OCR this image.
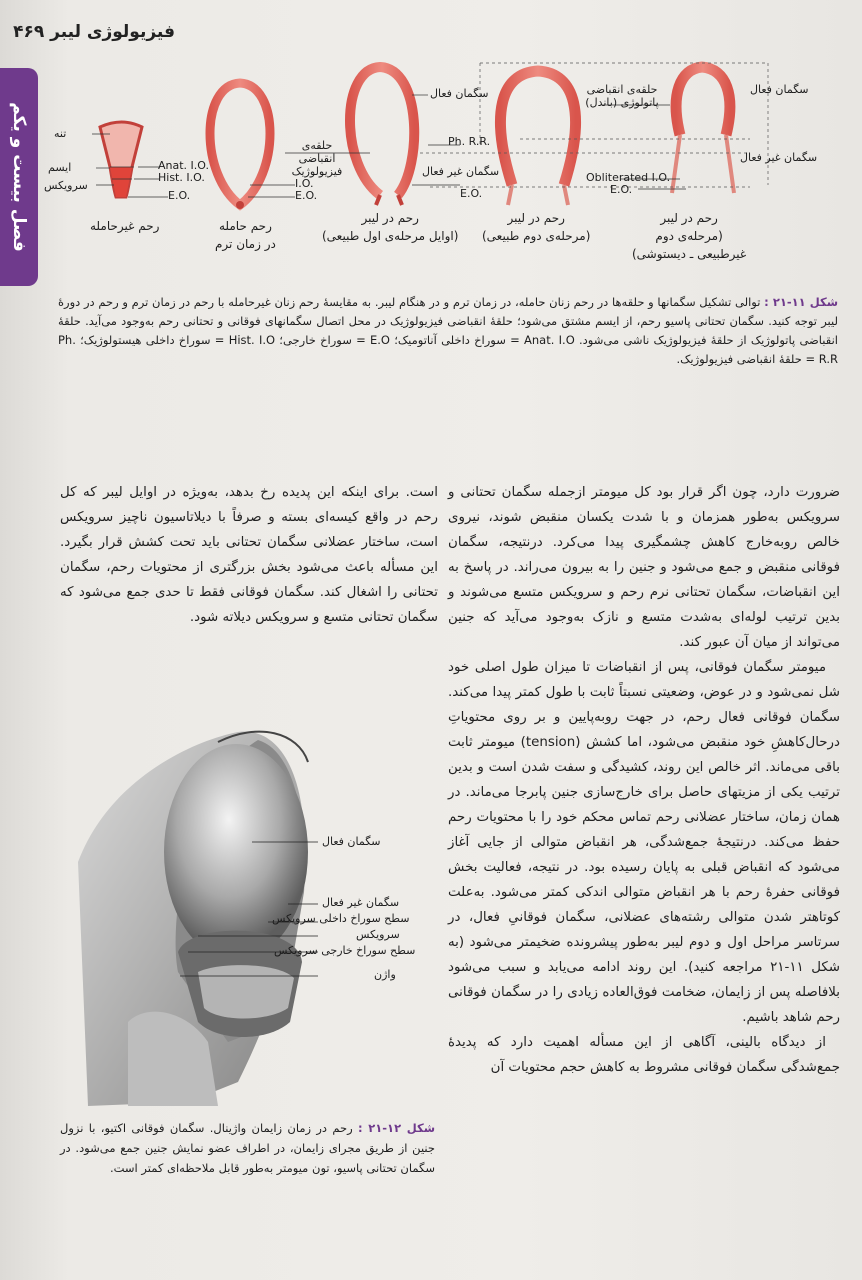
فیزیولوژی لیبر ۴۶۹
فصل بیست و یکم	تنه
ایسم
سرویکس
Anat. I.O.
Hist. I.O.
E.O.
I.O.
E.O.
حلقه‌ی انقباضی فیزیولوژیک
سگمان فعال
Ph. R.R.
سگمان غیر فعال
E.O.
حلقه‌ی انقباضی پاتولوژی (باندل)
Obliterated I.O.
E.O.
سگمان فعال
سگمان غیر فعال
رحم غیرحامله	رحم حامله
در زمان ترم
رحم در لیبر
(اوایل مرحله‌ی اول طبیعی)
رحم در لیبر
(مرحله‌ی دوم طبیعی)
رحم در لیبر
(مرحله‌ی دوم
غیرطبیعی ـ دیستوشی)
شکل ۱۱-۲۱ : توالی تشکیل سگمانها و حلقه‌ها در رحم زنان حامله، در زمان ترم و در هنگام لیبر. به مقایسهٔ رحم زنان غیرحامله با رحم در زمان ترم و رحم در دورهٔ لیبر توجه کنید. سگمان تحتانی پاسیو رحم، از ایسم مشتق می‌شود؛ حلقهٔ انقباضی فیزیولوژیک در محل اتصال سگمانهای فوقانی و تحتانی رحم به‌وجود می‌آید. حلقهٔ انقباضی پاتولوژیک از حلقهٔ فیزیولوژیک ناشی می‌شود. Anat. I.O = سوراخ داخلی آناتومیک؛ E.O = سوراخ خارجی؛ Hist. I.O = سوراخ داخلی هیستولوژیک؛ Ph. R.R = حلقهٔ انقباضی فیزیولوژیک.

ضرورت دارد، چون اگر قرار بود کل میومتر ازجمله سگمان تحتانی و سرویکس به‌طور همزمان و با شدت یکسان منقبض شوند، نیروی خالص روبه‌خارج کاهش چشمگیری پیدا می‌کرد. درنتیجه، سگمان فوقانی منقبض و جمع می‌شود و جنین را به بیرون می‌راند. در پاسخ به این انقباضات، سگمان تحتانی نرم رحم و سرویکس متسع می‌شوند و بدین ترتیب لوله‌ای به‌شدت متسع و نازک به‌وجود می‌آید که جنین می‌تواند از میان آن عبور کند.

میومتر سگمان فوقانی، پس از انقباضات تا میزان طول اصلی خود شل نمی‌شود و در عوض، وضعیتی نسبتاً ثابت با طول کمتر پیدا می‌کند. سگمان فوقانی فعال رحم، در جهت روبه‌پایین و بر روی محتویاتِ درحال‌کاهشِ خود منقبض می‌شود، اما کشش (tension) میومتر ثابت باقی می‌ماند. اثر خالص این روند، کشیدگی و سفت شدن است و بدین ترتیب یکی از مزیتهای حاصل برای خارج‌سازی جنین پابرجا می‌ماند. در همان زمان، ساختار عضلانی رحم تماس محکم خود را با محتویات رحم حفظ می‌کند. درنتیجهٔ جمع‌شدگی، هر انقباض متوالی از جایی آغاز می‌شود که انقباض قبلی به پایان رسیده بود. در نتیجه، فعالیت بخش فوقانی حفرهٔ رحم با هر انقباض متوالی اندکی کمتر می‌شود. به‌علت کوتاهتر شدن متوالی رشته‌های عضلانی، سگمان فوقانیِ فعال، در سرتاسر مراحل اول و دوم لیبر به‌طور پیشرونده ضخیمتر می‌شود (به شکل ۱۱-۲۱ مراجعه کنید). این روند ادامه می‌یابد و سبب می‌شود بلافاصله پس از زایمان، ضخامت فوق‌العاده زیادی را در سگمان فوقانی رحم شاهد باشیم.

از دیدگاه بالینی، آگاهی از این مسأله اهمیت دارد که پدیدهٔ جمع‌شدگی سگمان فوقانی مشروط به کاهش حجم محتویات آن

است. برای اینکه این پدیده رخ بدهد، به‌ویژه در اوایل لیبر که کل رحم در واقع کیسه‌ای بسته و صرفاً با دیلاتاسیون ناچیز سرویکس است، ساختار عضلانی سگمان تحتانی باید تحت کشش قرار بگیرد. این مسأله باعث می‌شود بخش بزرگتری از محتویات رحم، سگمان تحتانی را اشغال کند. سگمان فوقانی فقط تا حدی جمع می‌شود که سگمان تحتانی متسع و سرویکس دیلاته شود.

سگمان فعال
سگمان غیر فعال
سطح سوراخ داخلی سرویکس
سرویکس
سطح سوراخ خارجی سرویکس
واژن
شکل ۱۲-۲۱ : رحم در زمان زایمان واژینال. سگمان فوقانی اکتیو، با نزول جنین از طریق مجرای زایمان، در اطراف عضو نمایش جنین جمع می‌شود. در سگمان تحتانی پاسیو، تون میومتر به‌طور قابل ملاحظه‌ای کمتر است.
